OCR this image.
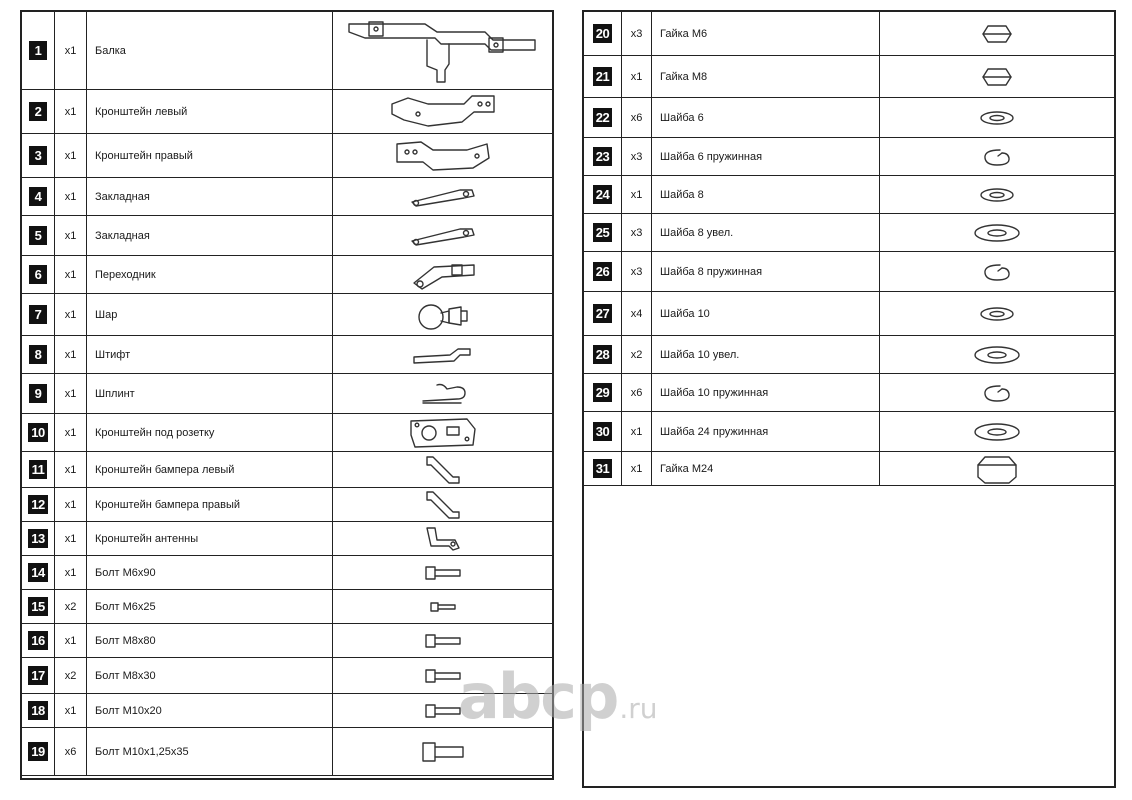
1	x1	Балка
2	x1	Кронштейн левый
3	x1	Кронштейн правый
4	x1	Закладная
5	x1	Закладная
6	x1	Переходник
7	x1	Шар
8	x1	Штифт
9	x1	Шплинт
10	x1	Кронштейн под розетку
11	x1	Кронштейн бампера левый
12	x1	Кронштейн бампера правый
13	x1	Кронштейн антенны
14	x1	Болт М6х90
15	x2	Болт М6х25
16	x1	Болт М8х80
17	x2	Болт М8х30
18	x1	Болт М10х20
19	x6	Болт М10х1,25х35
20	x3	Гайка М6
21	x1	Гайка М8
22	x6	Шайба 6
23	x3	Шайба 6 пружинная
24	x1	Шайба 8
25	x3	Шайба 8 увел.
26	x3	Шайба 8 пружинная
27	x4	Шайба 10
28	x2	Шайба 10 увел.
29	x6	Шайба 10 пружинная
30	x1	Шайба 24 пружинная
31	x1	Гайка М24
abcp .ru
